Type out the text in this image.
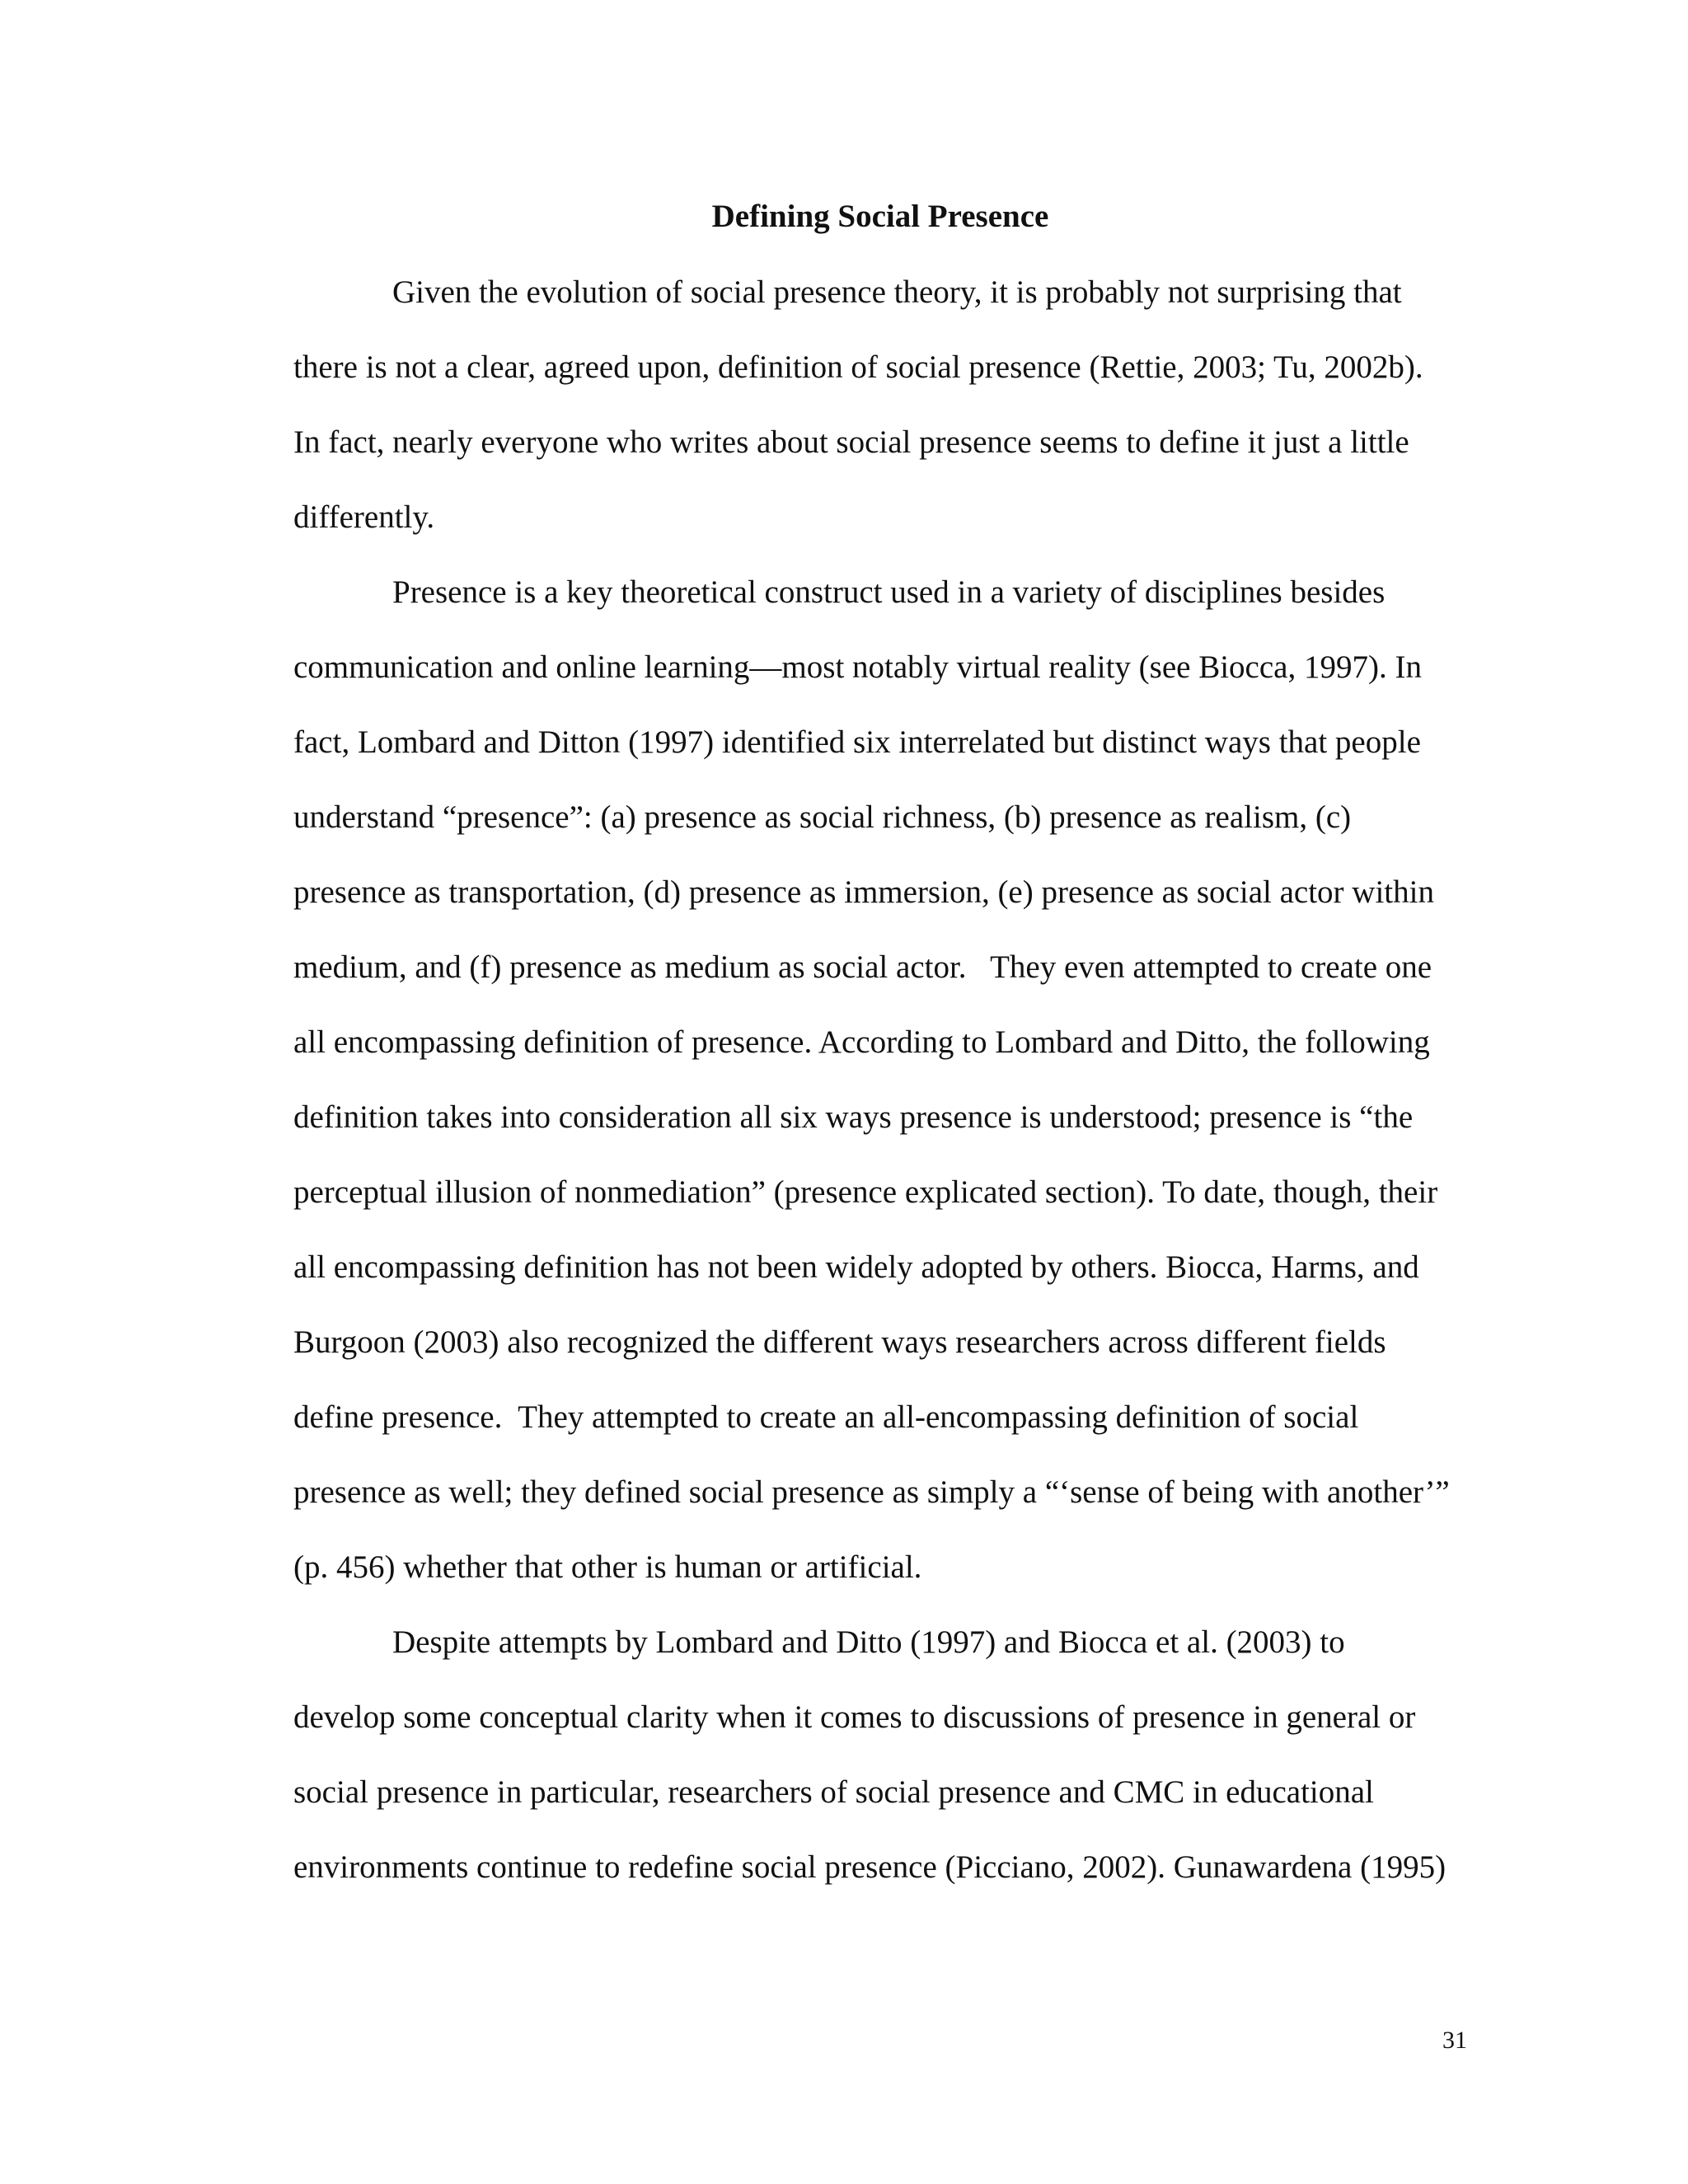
Defining Social Presence
Given the evolution of social presence theory, it is probably not surprising that
there is not a clear, agreed upon, definition of social presence (Rettie, 2003; Tu, 2002b).
In fact, nearly everyone who writes about social presence seems to define it just a little
differently.
Presence is a key theoretical construct used in a variety of disciplines besides
communication and online learning—most notably virtual reality (see Biocca, 1997). In
fact, Lombard and Ditton (1997) identified six interrelated but distinct ways that people
understand “presence”: (a) presence as social richness, (b) presence as realism, (c)
presence as transportation, (d) presence as immersion, (e) presence as social actor within
medium, and (f) presence as medium as social actor.   They even attempted to create one
all encompassing definition of presence. According to Lombard and Ditto, the following
definition takes into consideration all six ways presence is understood; presence is “the
perceptual illusion of nonmediation” (presence explicated section). To date, though, their
all encompassing definition has not been widely adopted by others. Biocca, Harms, and
Burgoon (2003) also recognized the different ways researchers across different fields
define presence.  They attempted to create an all-encompassing definition of social
presence as well; they defined social presence as simply a “‘sense of being with another’”
(p. 456) whether that other is human or artificial.
Despite attempts by Lombard and Ditto (1997) and Biocca et al. (2003) to
develop some conceptual clarity when it comes to discussions of presence in general or
social presence in particular, researchers of social presence and CMC in educational
environments continue to redefine social presence (Picciano, 2002). Gunawardena (1995)
31
